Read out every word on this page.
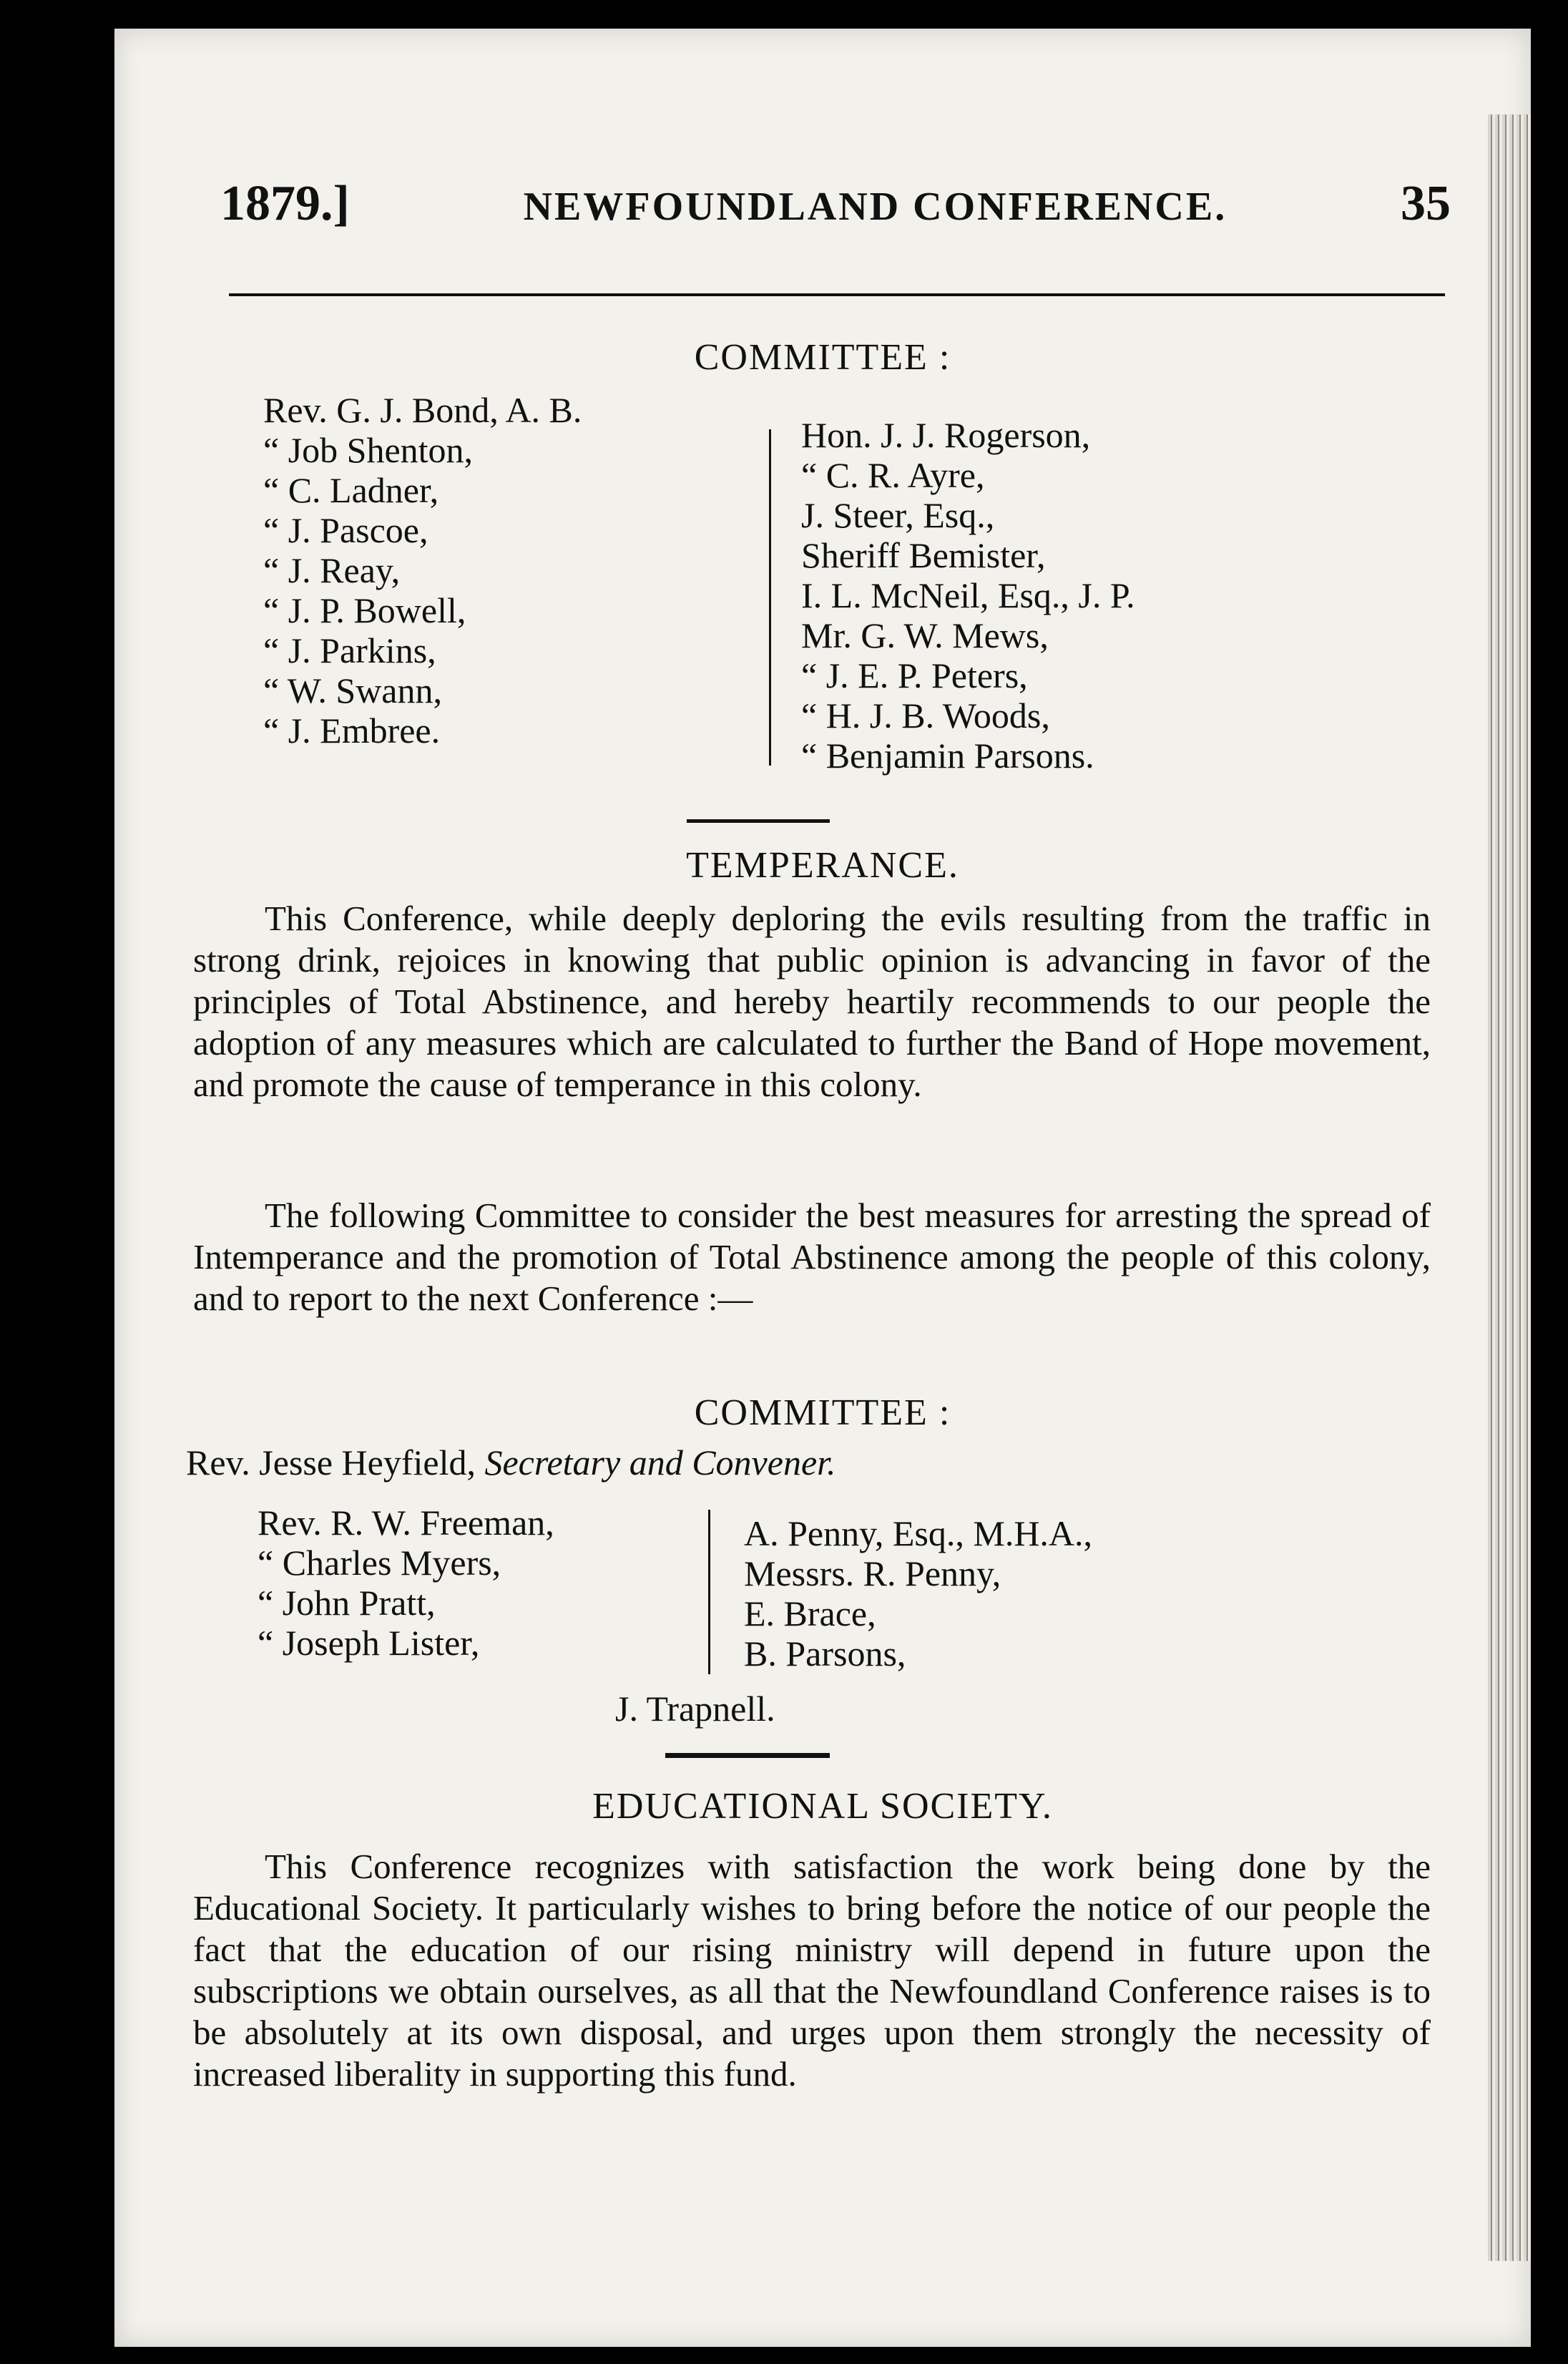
1879.]	NEWFOUNDLAND CONFERENCE.	35
COMMITTEE :
Rev. G. J. Bond, A. B.
“ Job Shenton,
“ C. Ladner,
“ J. Pascoe,
“ J. Reay,
“ J. P. Bowell,
“ J. Parkins,
“ W. Swann,
“ J. Embree.
Hon. J. J. Rogerson,
“ C. R. Ayre,
J. Steer, Esq.,
Sheriff Bemister,
I. L. McNeil, Esq., J. P.
Mr. G. W. Mews,
“ J. E. P. Peters,
“ H. J. B. Woods,
“ Benjamin Parsons.
TEMPERANCE.

This Conference, while deeply deploring the evils resulting from the traffic in strong drink, rejoices in knowing that public opinion is advancing in favor of the principles of Total Abstinence, and hereby heartily recommends to our people the adoption of any measures which are calculated to further the Band of Hope movement, and promote the cause of temperance in this colony.

The following Committee to consider the best measures for arresting the spread of Intemperance and the promotion of Total Abstinence among the people of this colony, and to report to the next Conference :—

COMMITTEE :
Rev. Jesse Heyfield, Secretary and Convener.
Rev. R. W. Freeman,
“ Charles Myers,
“ John Pratt,
“ Joseph Lister,
A. Penny, Esq., M.H.A.,
Messrs. R. Penny,
E. Brace,
B. Parsons,
J. Trapnell.
EDUCATIONAL SOCIETY.

This Conference recognizes with satisfaction the work being done by the Educational Society. It particularly wishes to bring before the notice of our people the fact that the education of our rising ministry will depend in future upon the subscriptions we obtain ourselves, as all that the Newfoundland Conference raises is to be absolutely at its own disposal, and urges upon them strongly the necessity of increased liberality in supporting this fund.
